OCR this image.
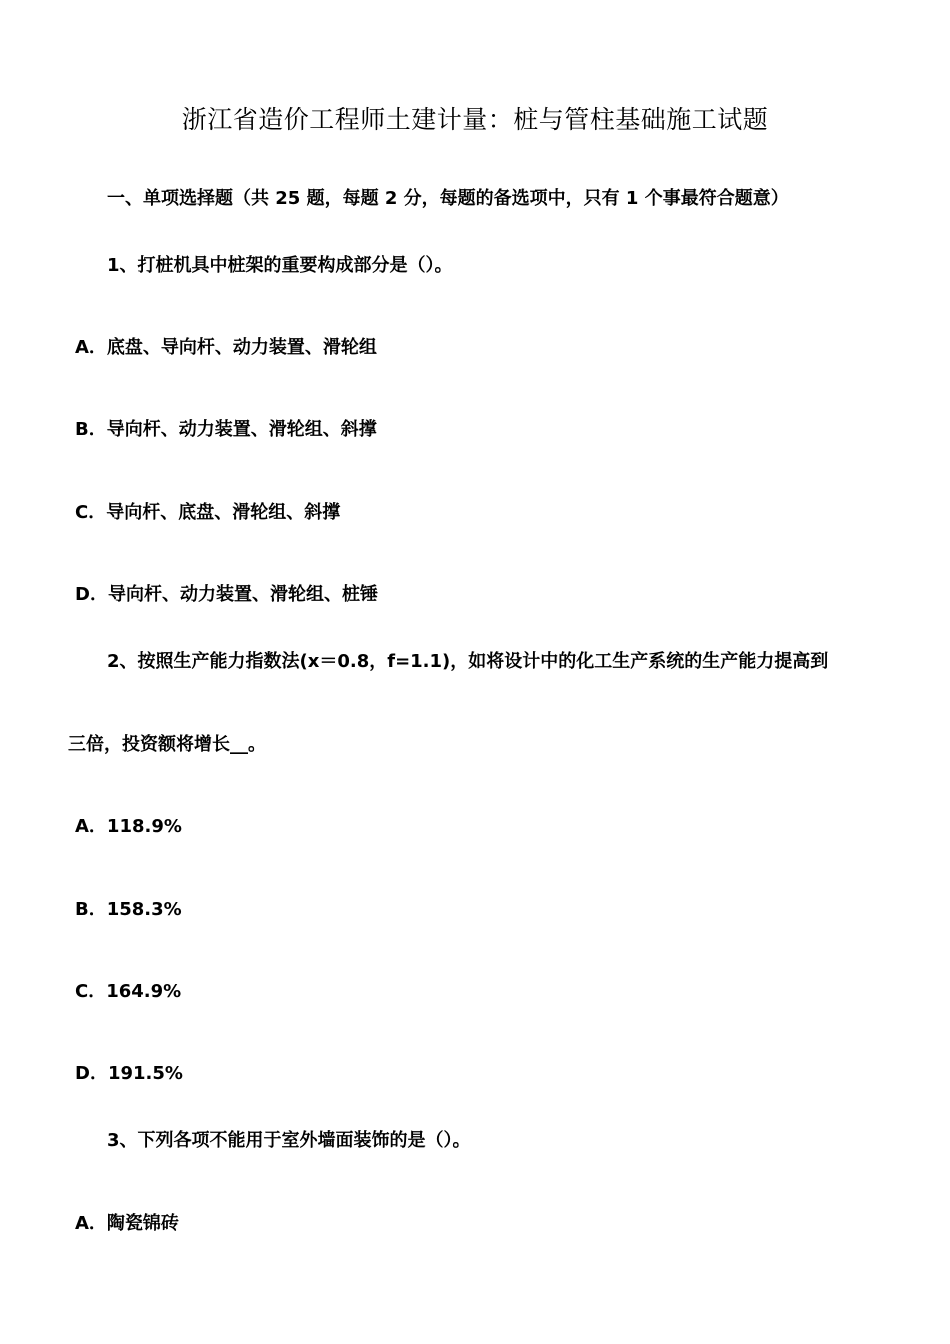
浙江省造价工程师土建计量：桩与管柱基础施工试题
一、单项选择题（共 25 题，每题 2 分，每题的备选项中，只有 1 个事最符合题意）
1、打桩机具中桩架的重要构成部分是（）。
A．底盘、导向杆、动力装置、滑轮组
B．导向杆、动力装置、滑轮组、斜撑
C．导向杆、底盘、滑轮组、斜撑
D．导向杆、动力装置、滑轮组、桩锤
2、按照生产能力指数法(x＝0.8，f=1.1)，如将设计中的化工生产系统的生产能力提高到
三倍，投资额将增长__。
A．118.9%
B．158.3%
C．164.9%
D．191.5%
3、下列各项不能用于室外墙面装饰的是（）。
A．陶瓷锦砖
